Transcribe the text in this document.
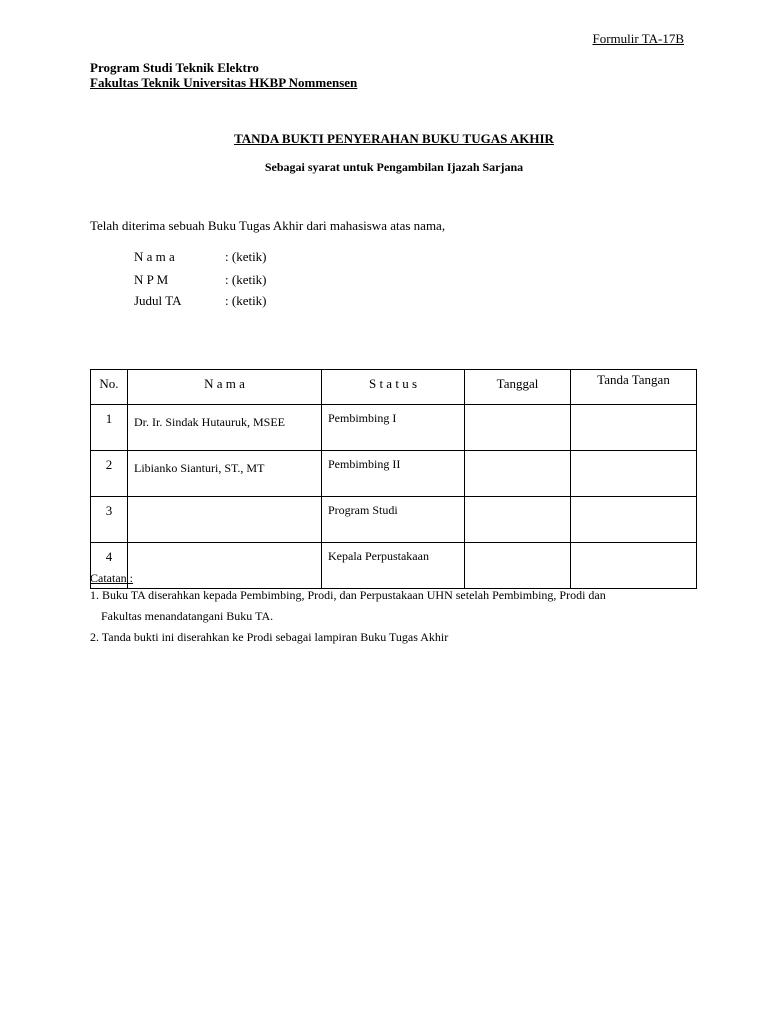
Formulir TA-17B
Program Studi Teknik Elektro
Fakultas Teknik Universitas HKBP Nommensen
TANDA BUKTI PENYERAHAN BUKU TUGAS AKHIR
Sebagai syarat untuk Pengambilan Ijazah Sarjana
Telah diterima sebuah Buku Tugas Akhir dari mahasiswa atas nama,
N a m a	: (ketik)
N P M	: (ketik)
Judul TA	: (ketik)
No.	N a m a	S t a t u s	Tanggal	Tanda Tangan
1	Dr. Ir. Sindak Hutauruk, MSEE	Pembimbing I		
2	Libianko Sianturi, ST., MT	Pembimbing II		
3		Program Studi		
4		Kepala Perpustakaan		
Catatan :
1. Buku TA diserahkan kepada Pembimbing, Prodi, dan Perpustakaan UHN setelah Pembimbing, Prodi dan
Fakultas menandatangani Buku TA.
2. Tanda bukti ini diserahkan ke Prodi sebagai lampiran Buku Tugas Akhir
